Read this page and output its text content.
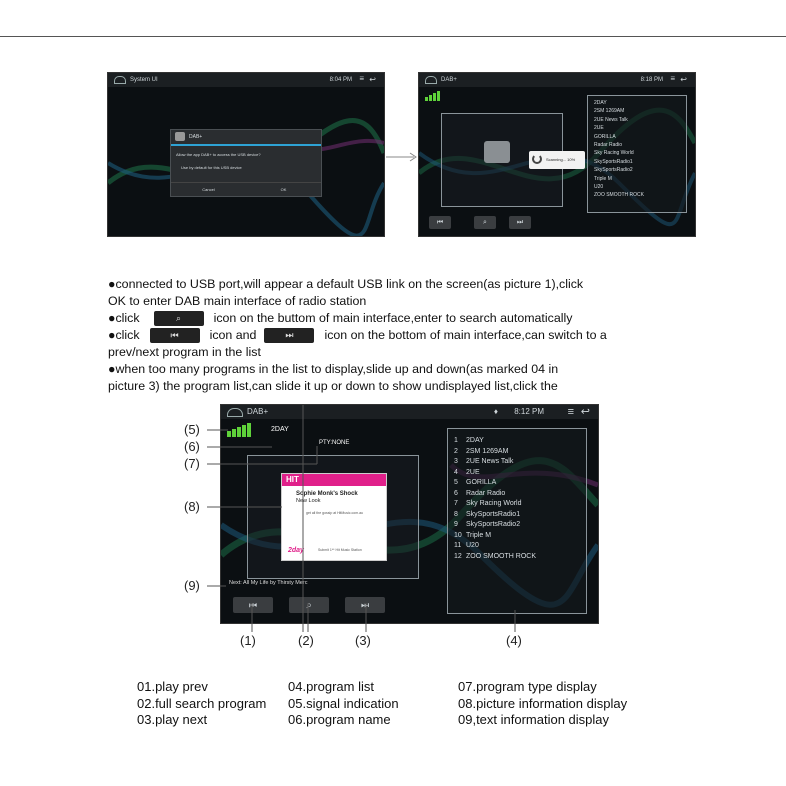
System UI	8:04 PM ↩
≡
DAB+
Allow the app DAB+ to access the USB device?
Use by default for this USB device
Cancel	OK
DAB+	8:18 PM ↩
≡
Scanning... 10%
2DAY
2SM 1269AM
2UE News Talk
2UE
GORILLA
Radar Radio
Sky Racing World
SkySportsRadio1
SkySportsRadio2
Triple M
U20
ZOO SMOOTH ROCK
⏮	⌕	⏭

●connected to USB port,will appear a default USB link on the screen(as picture 1),click

OK to enter DAB main interface of radio station

●click	⌕	icon on the buttom of main interface,enter to search automatically

●click	⏮ icon and	⏭ icon on the bottom of main interface,can switch to a

prev/next program in the list

●when too many programs in the list to display,slide up and down(as marked 04 in

picture 3) the program list,can slide it up or down to show undisplayed list,click the

DAB+	8:12 PM	↩
≡
♦
2DAY
PTY:NONE
HIT
Sophie Monk's Shock
New Look
get all the gossip at HitMusic.com.au
2day	Submit 1** Hit Music Station
Next: All My Life by Thirsty Merc
⏮	⌕	⏭
1 2DAY
2 2SM 1269AM
3 2UE News Talk
4 2UE
5 GORILLA
6 Radar Radio
7 Sky Racing World
8 SkySportsRadio1
9 SkySportsRadio2
10 Triple M
11 U20
12 ZOO SMOOTH ROCK
(5)
(6)
(7)
(8)
(9)
(1)	(2)	(3)	(4)
01.play prev
02.full search program
03.play next
04.program list
05.signal indication
06.program name
07.program type display
08.picture information display
09,text information display
